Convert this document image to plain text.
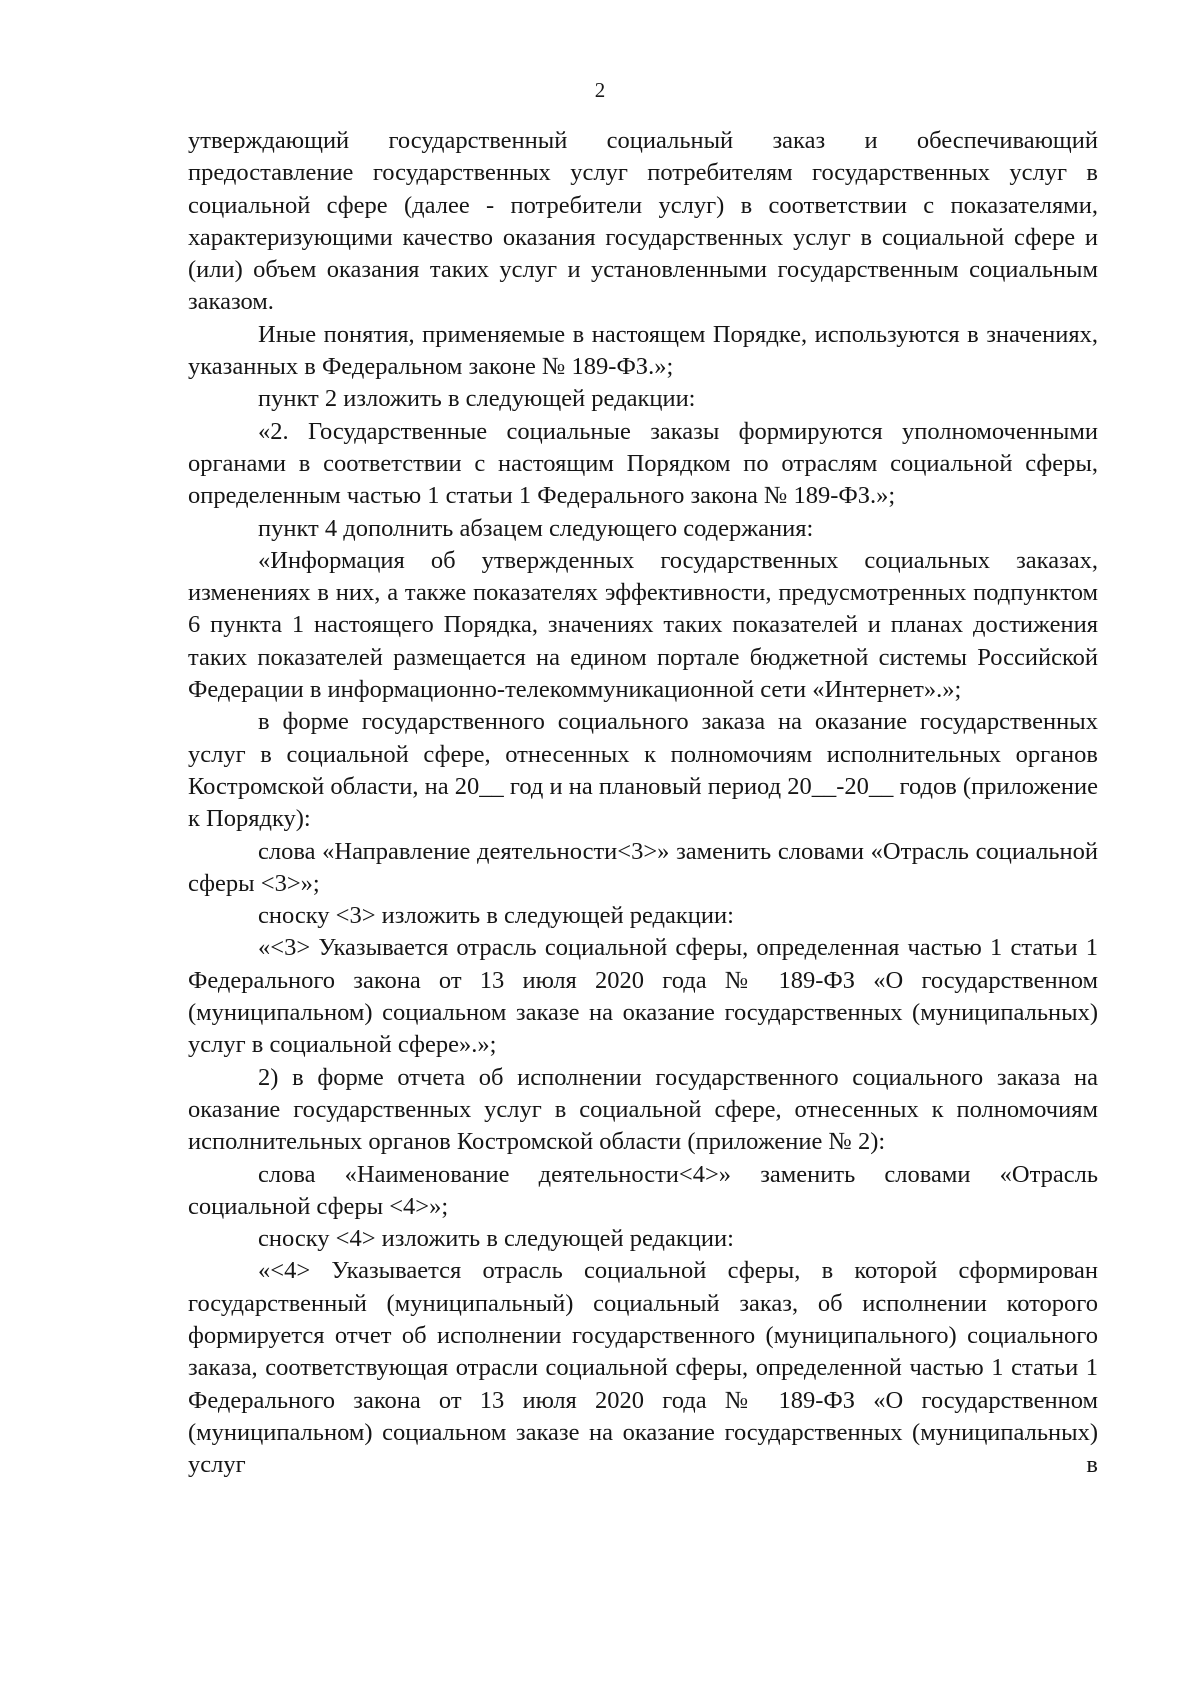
2

утверждающий государственный социальный заказ и обеспечивающий предоставление государственных услуг потребителям государственных услуг в социальной сфере (далее - потребители услуг) в соответствии с показателями, характеризующими качество оказания государственных услуг в социальной сфере и (или) объем оказания таких услуг и установленными государственным социальным заказом.

Иные понятия, применяемые в настоящем Порядке, используются в значениях, указанных в Федеральном законе № 189-ФЗ.»;

пункт 2 изложить в следующей редакции:

«2. Государственные социальные заказы формируются уполномоченными органами в соответствии с настоящим Порядком по отраслям социальной сферы, определенным частью 1 статьи 1 Федерального закона № 189-ФЗ.»;

пункт 4 дополнить абзацем следующего содержания:

«Информация об утвержденных государственных социальных заказах, изменениях в них, а также показателях эффективности, предусмотренных подпунктом 6 пункта 1 настоящего Порядка, значениях таких показателей и планах достижения таких показателей размещается на едином портале бюджетной системы Российской Федерации в информационно-телекоммуникационной сети «Интернет».»;

в форме государственного социального заказа на оказание государственных услуг в социальной сфере, отнесенных к полномочиям исполнительных органов Костромской области, на 20__ год и на плановый период 20__-20__ годов (приложение к Порядку):

слова «Направление деятельности<3>» заменить словами «Отрасль социальной сферы <3>»;

сноску <3> изложить в следующей редакции:

«<3> Указывается отрасль социальной сферы, определенная частью 1 статьи 1 Федерального закона от 13 июля 2020 года № 189-ФЗ «О государственном (муниципальном) социальном заказе на оказание государственных (муниципальных) услуг в социальной сфере».»;

2) в форме отчета об исполнении государственного социального заказа на оказание государственных услуг в социальной сфере, отнесенных к полномочиям исполнительных органов Костромской области (приложение № 2):

слова «Наименование деятельности<4>» заменить словами «Отрасль социальной сферы <4>»;

сноску <4> изложить в следующей редакции:

«<4> Указывается отрасль социальной сферы, в которой сформирован государственный (муниципальный) социальный заказ, об исполнении которого формируется отчет об исполнении государственного (муниципального) социального заказа, соответствующая отрасли социальной сферы, определенной частью 1 статьи 1 Федерального закона от 13 июля 2020 года № 189-ФЗ «О государственном (муниципальном) социальном заказе на оказание государственных (муниципальных) услуг в
